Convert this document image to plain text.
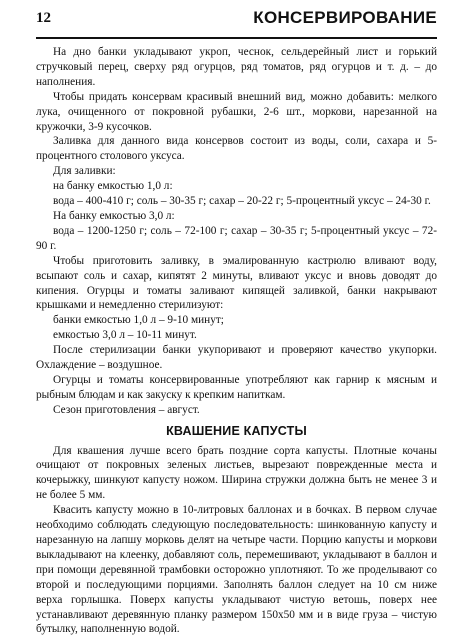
12	КОНСЕРВИРОВАНИЕ

На дно банки укладывают укроп, чеснок, сельдерейный лист и горький стручковый перец, сверху ряд огурцов, ряд томатов, ряд огурцов и т. д. – до наполнения.

Чтобы придать консервам красивый внешний вид, можно добавить: мелкого лука, очищенного от покровной рубашки, 2-6 шт., моркови, нарезанной на кружочки, 3-9 кусочков.

Заливка для данного вида консервов состоит из воды, соли, сахара и 5-процентного столового уксуса.

Для заливки:

на банку емкостью 1,0 л:

вода – 400-410 г; соль – 30-35 г; сахар – 20-22 г; 5-процентный уксус – 24-30 г.

На банку емкостью 3,0 л:

вода – 1200-1250 г; соль – 72-100 г; сахар – 30-35 г; 5-процентный уксус – 72-90 г.

Чтобы приготовить заливку, в эмалированную кастрюлю вливают воду, всыпают соль и сахар, кипятят 2 минуты, вливают уксус и вновь доводят до кипения. Огурцы и томаты заливают кипящей заливкой, банки накрывают крышками и немедленно стерилизуют:

банки емкостью 1,0 л – 9-10 минут;

емкостью 3,0 л – 10-11 минут.

После стерилизации банки укупоривают и проверяют качество укупорки. Охлаждение – воздушное.

Огурцы и томаты консервированные употребляют как гарнир к мясным и рыбным блюдам и как закуску к крепким напиткам.

Сезон приготовления – август.

КВАШЕНИЕ КАПУСТЫ

Для квашения лучше всего брать поздние сорта капусты. Плотные кочаны очищают от покровных зеленых листьев, вырезают поврежденные места и кочерыжку, шинкуют капусту ножом. Ширина стружки должна быть не менее 3 и не более 5 мм.

Квасить капусту можно в 10-литровых баллонах и в бочках. В первом случае необходимо соблюдать следующую последовательность: шинкованную капусту и нарезанную на лапшу морковь делят на четыре части. Порцию капусты и моркови выкладывают на клеенку, добавляют соль, перемешивают, укладывают в баллон и при помощи деревянной трамбовки осторожно уплотняют. То же проделывают со второй и последующими порциями. Заполнять баллон следует на 10 см ниже верха горлышка. Поверх капусты укладывают чистую ветошь, поверх нее устанавливают деревянную планку размером 150x50 мм и в виде груза – чистую бутылку, наполненную водой.
